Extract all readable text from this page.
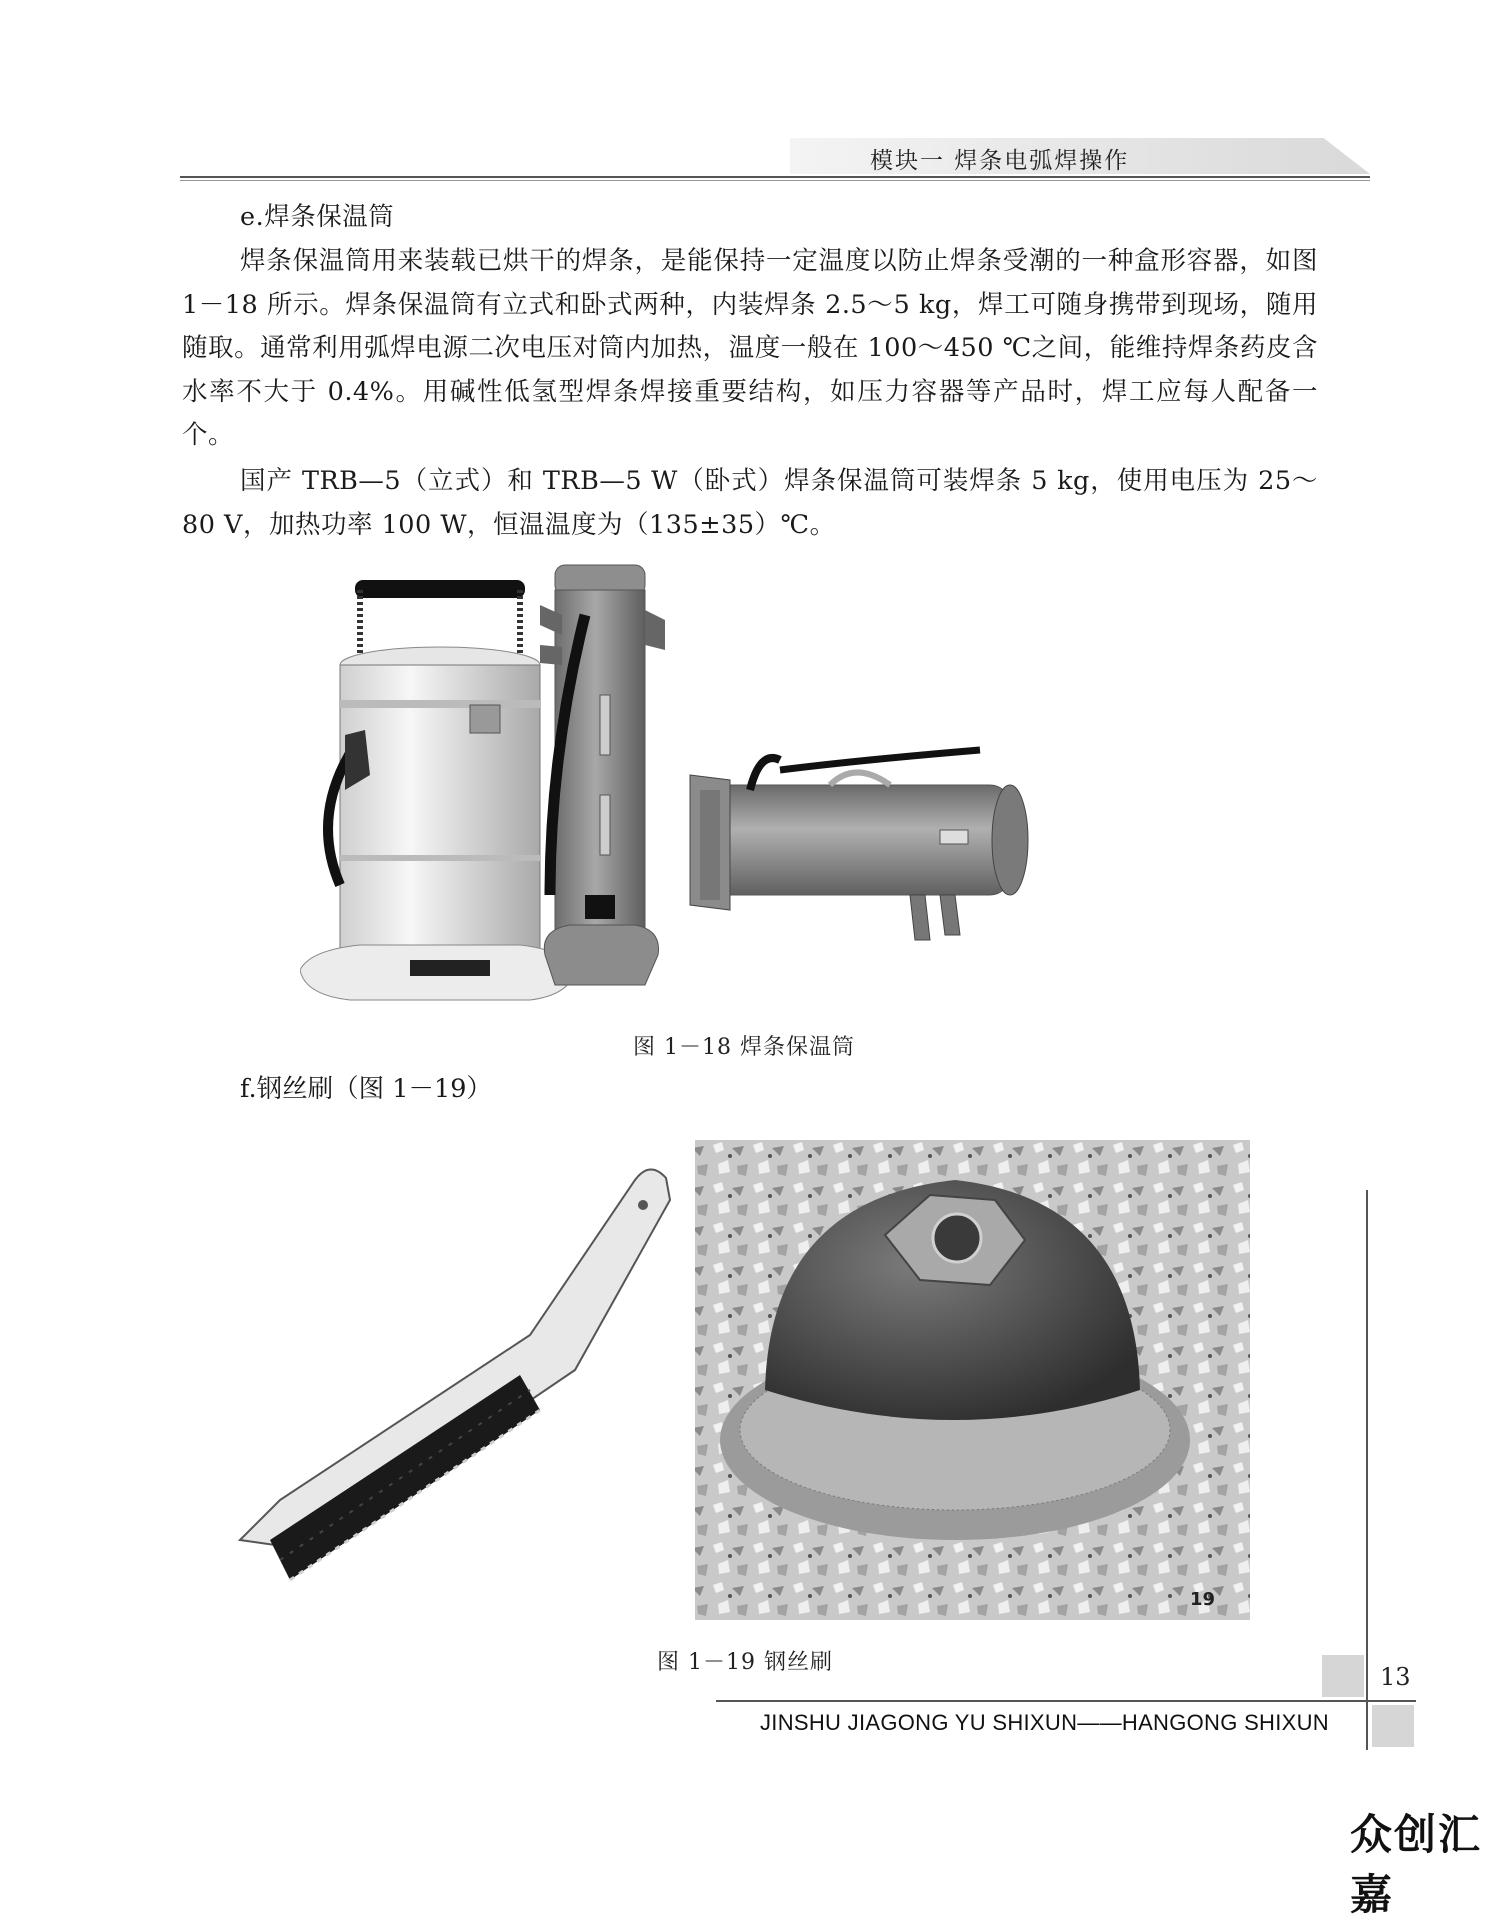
模块一 焊条电弧焊操作
e.焊条保温筒
焊条保温筒用来装载已烘干的焊条，是能保持一定温度以防止焊条受潮的一种盒形容器，如图 1－18 所示。焊条保温筒有立式和卧式两种，内装焊条 2.5～5 kg，焊工可随身携带到现场，随用随取。通常利用弧焊电源二次电压对筒内加热，温度一般在 100～450 ℃之间，能维持焊条药皮含水率不大于 0.4%。用碱性低氢型焊条焊接重要结构，如压力容器等产品时，焊工应每人配备一个。
国产 TRB—5（立式）和 TRB—5 W（卧式）焊条保温筒可装焊条 5 kg，使用电压为 25～80 V，加热功率 100 W，恒温温度为（135±35）℃。
图 1－18 焊条保温筒
f.钢丝刷（图 1－19）
19
图 1－19 钢丝刷
13
JINSHU JIAGONG YU SHIXUN——HANGONG SHIXUN
众创汇嘉
